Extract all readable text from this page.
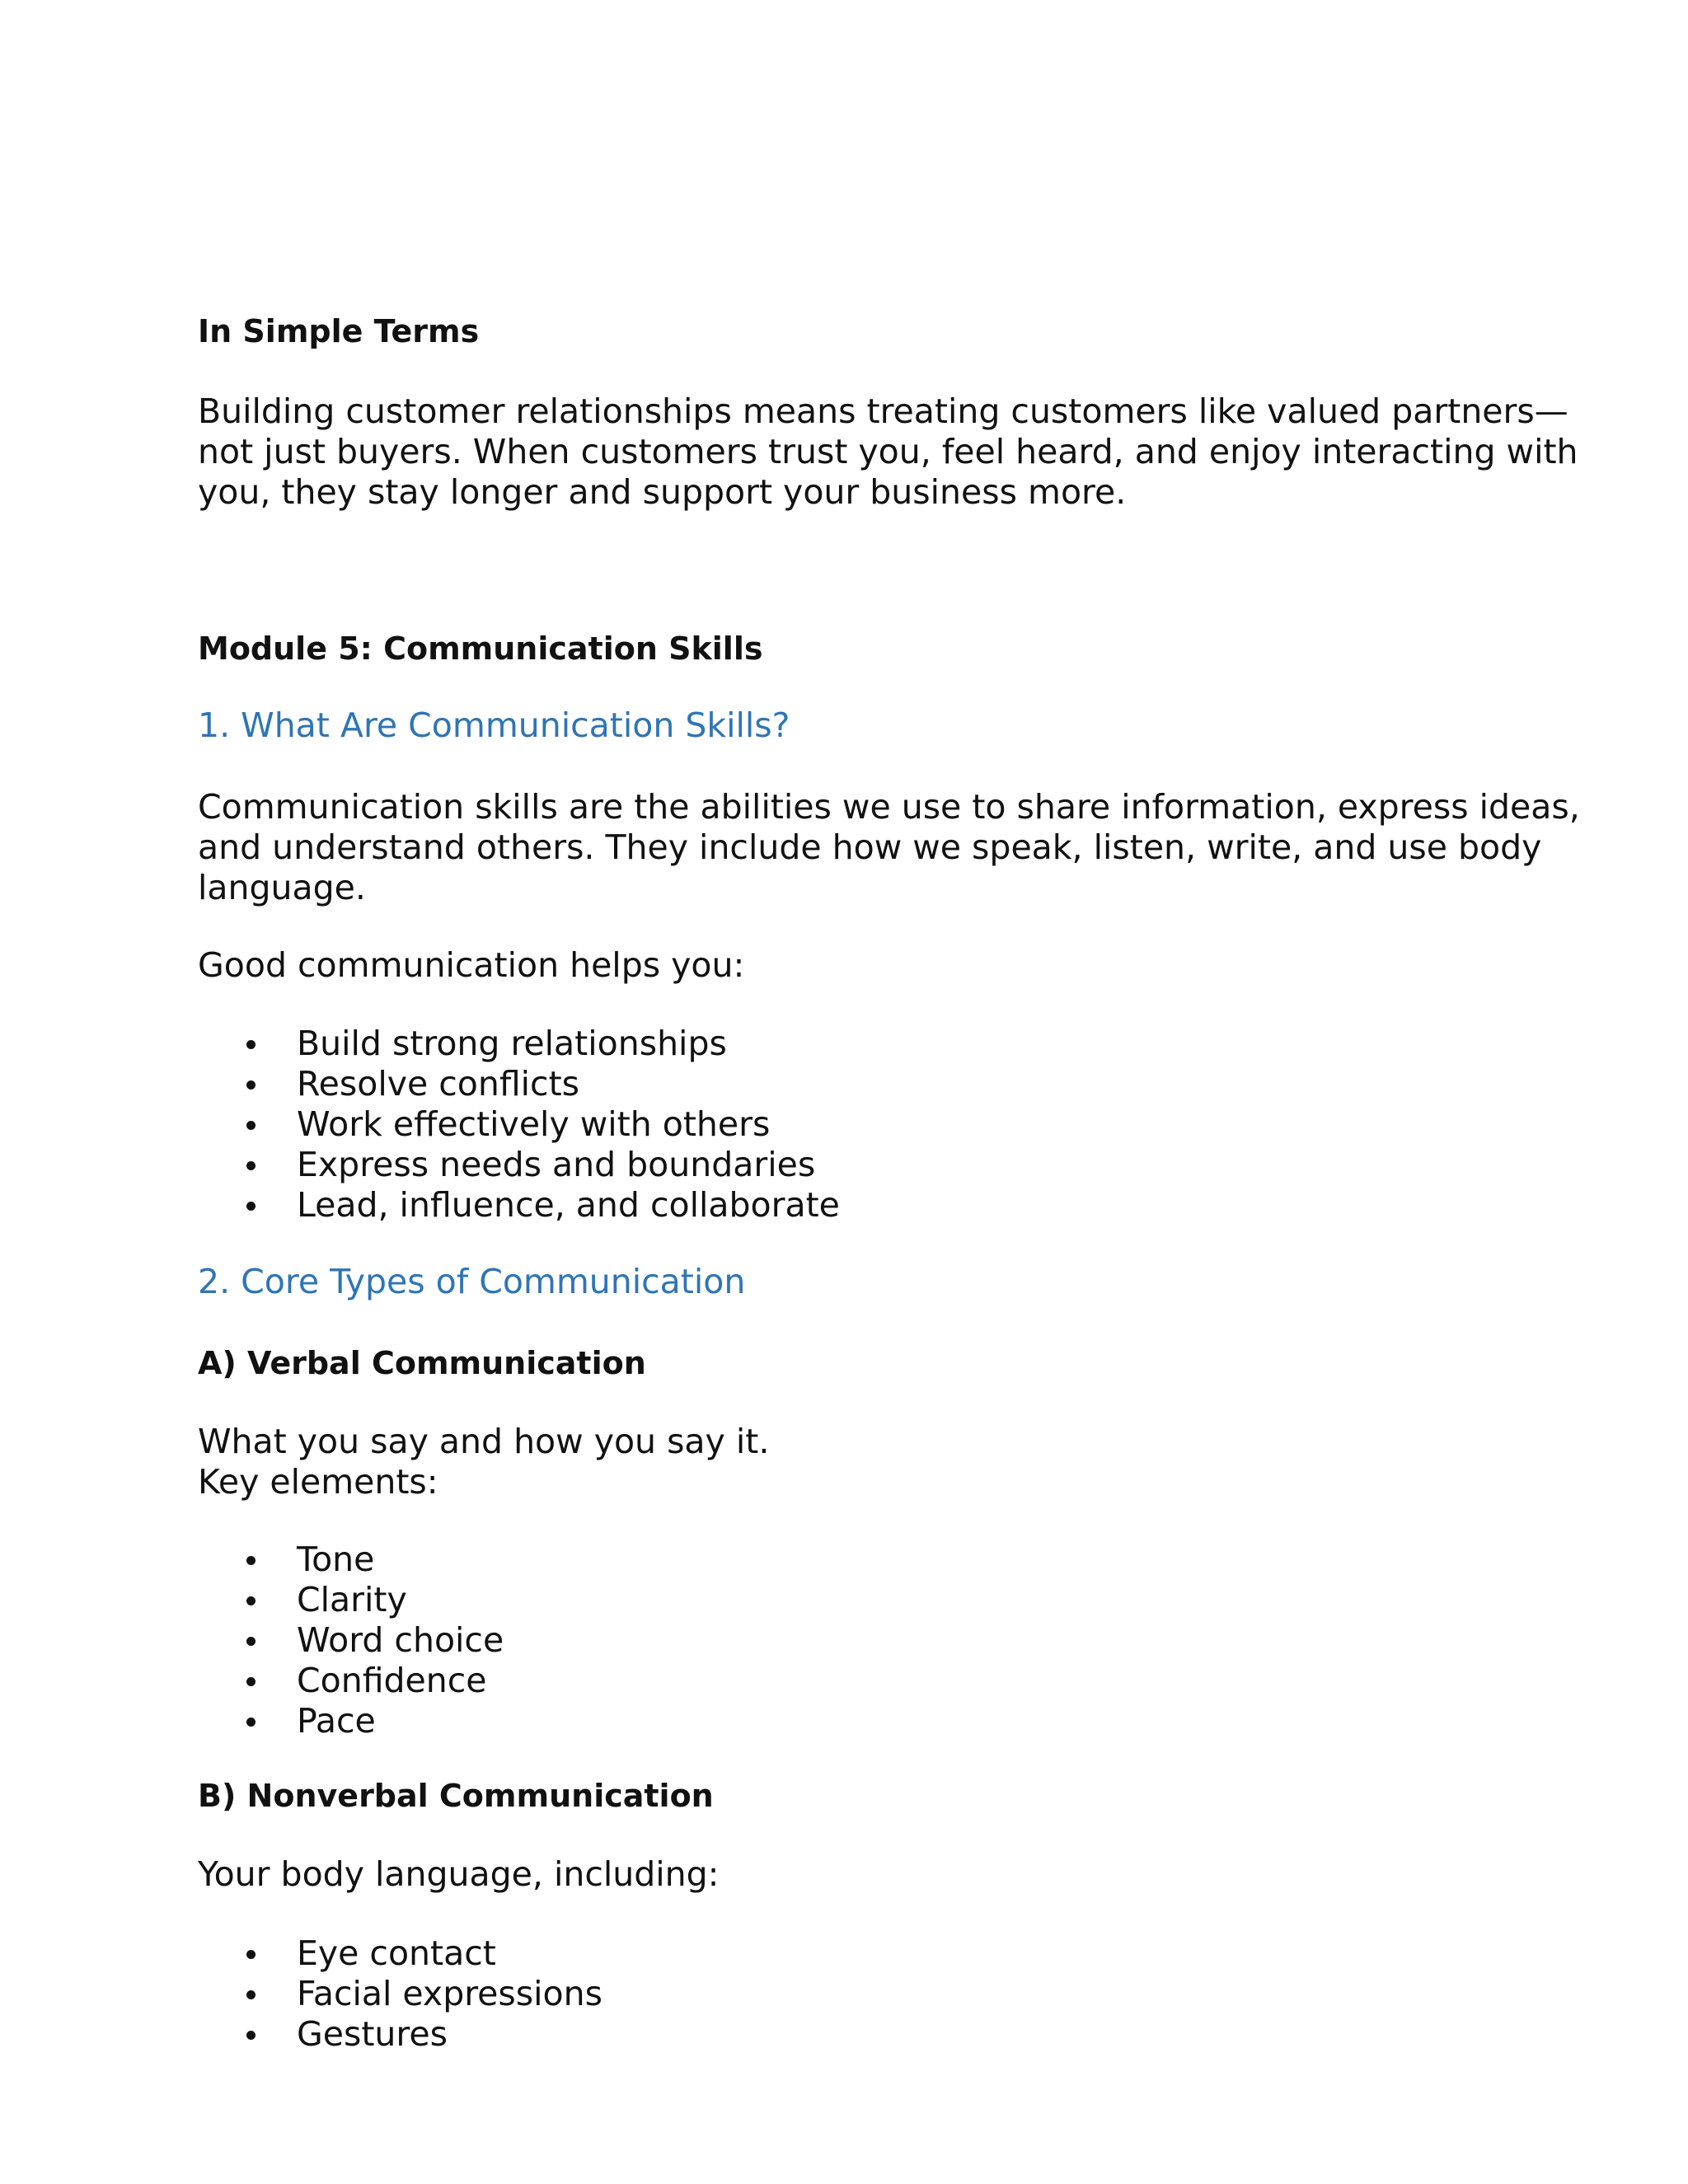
In Simple Terms

Building customer relationships means treating customers like valued partners—
not just buyers. When customers trust you, feel heard, and enjoy interacting with
you, they stay longer and support your business more.

Module 5: Communication Skills
1. What Are Communication Skills?

Communication skills are the abilities we use to share information, express ideas,
and understand others. They include how we speak, listen, write, and use body
language.

Good communication helps you:

Build strong relationships
Resolve conflicts
Work effectively with others
Express needs and boundaries
Lead, influence, and collaborate
2. Core Types of Communication
A) Verbal Communication

What you say and how you say it.
Key elements:

Tone
Clarity
Word choice
Confidence
Pace
B) Nonverbal Communication

Your body language, including:

Eye contact
Facial expressions
Gestures
